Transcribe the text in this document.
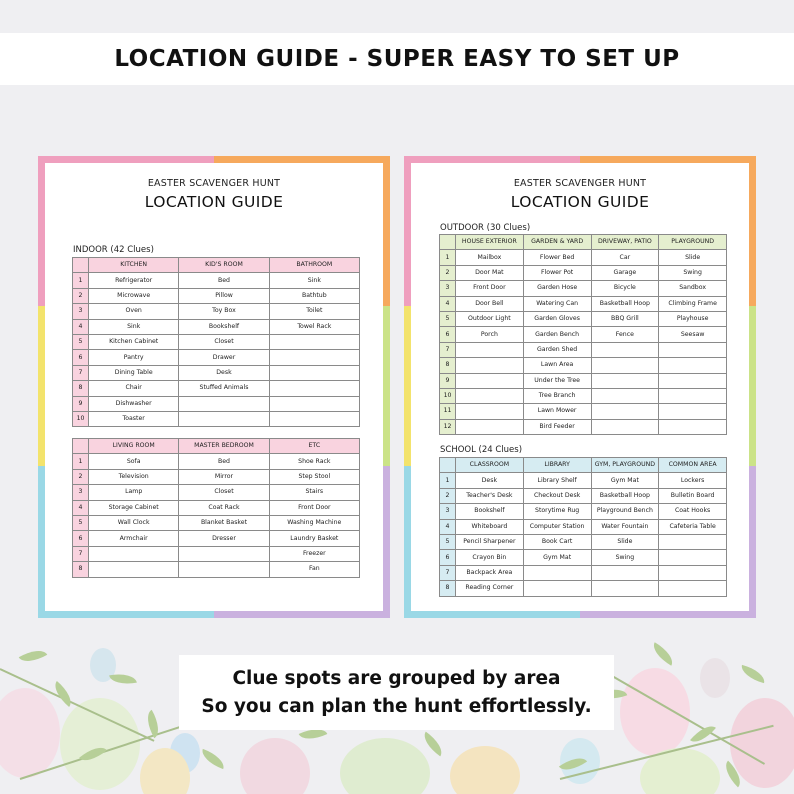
LOCATION GUIDE - SUPER EASY TO SET UP
EASTER SCAVENGER HUNT
LOCATION GUIDE
INDOOR (42 Clues)
	KITCHEN	KID'S ROOM	BATHROOM
1	Refrigerator	Bed	Sink
2	Microwave	Pillow	Bathtub
3	Oven	Toy Box	Toilet
4	Sink	Bookshelf	Towel Rack
5	Kitchen Cabinet	Closet	
6	Pantry	Drawer	
7	Dining Table	Desk	
8	Chair	Stuffed Animals	
9	Dishwasher		
10	Toaster		
	LIVING ROOM	MASTER BEDROOM	ETC
1	Sofa	Bed	Shoe Rack
2	Television	Mirror	Step Stool
3	Lamp	Closet	Stairs
4	Storage Cabinet	Coat Rack	Front Door
5	Wall Clock	Blanket Basket	Washing Machine
6	Armchair	Dresser	Laundry Basket
7			Freezer
8			Fan
EASTER SCAVENGER HUNT
LOCATION GUIDE
OUTDOOR (30 Clues)
	HOUSE EXTERIOR	GARDEN & YARD	DRIVEWAY, PATIO	PLAYGROUND
1	Mailbox	Flower Bed	Car	Slide
2	Door Mat	Flower Pot	Garage	Swing
3	Front Door	Garden Hose	Bicycle	Sandbox
4	Door Bell	Watering Can	Basketball Hoop	Climbing Frame
5	Outdoor Light	Garden Gloves	BBQ Grill	Playhouse
6	Porch	Garden Bench	Fence	Seesaw
7		Garden Shed		
8		Lawn Area		
9		Under the Tree		
10		Tree Branch		
11		Lawn Mower		
12		Bird Feeder		
SCHOOL (24 Clues)
	CLASSROOM	LIBRARY	GYM, PLAYGROUND	COMMON AREA
1	Desk	Library Shelf	Gym Mat	Lockers
2	Teacher's Desk	Checkout Desk	Basketball Hoop	Bulletin Board
3	Bookshelf	Storytime Rug	Playground Bench	Coat Hooks
4	Whiteboard	Computer Station	Water Fountain	Cafeteria Table
5	Pencil Sharpener	Book Cart	Slide	
6	Crayon Bin	Gym Mat	Swing	
7	Backpack Area			
8	Reading Corner			
Clue spots are grouped by area
So you can plan the hunt effortlessly.
